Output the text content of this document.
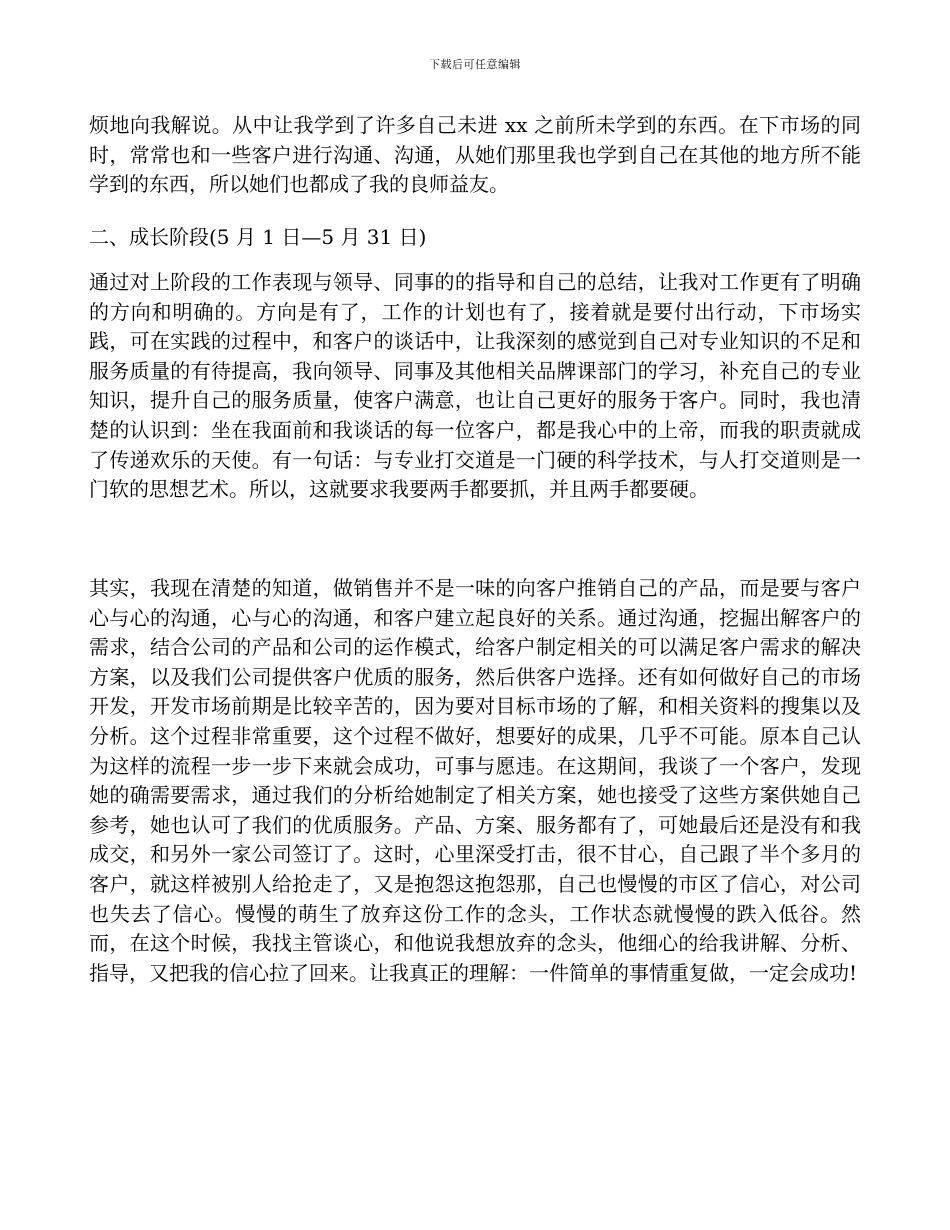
下载后可任意编辑

烦地向我解说。从中让我学到了许多自己未进 xx 之前所未学到的东西。在下市场的同时，常常也和一些客户进行沟通、沟通，从她们那里我也学到自己在其他的地方所不能学到的东西，所以她们也都成了我的良师益友。

二、成长阶段(5 月 1 日—5 月 31 日)

通过对上阶段的工作表现与领导、同事的的指导和自己的总结，让我对工作更有了明确的方向和明确的。方向是有了，工作的计划也有了，接着就是要付出行动，下市场实践，可在实践的过程中，和客户的谈话中，让我深刻的感觉到自己对专业知识的不足和服务质量的有待提高，我向领导、同事及其他相关品牌课部门的学习，补充自己的专业知识，提升自己的服务质量，使客户满意，也让自己更好的服务于客户。同时，我也清楚的认识到：坐在我面前和我谈话的每一位客户，都是我心中的上帝，而我的职责就成了传递欢乐的天使。有一句话：与专业打交道是一门硬的科学技术，与人打交道则是一门软的思想艺术。所以，这就要求我要两手都要抓，并且两手都要硬。

其实，我现在清楚的知道，做销售并不是一味的向客户推销自己的产品，而是要与客户心与心的沟通，心与心的沟通，和客户建立起良好的关系。通过沟通，挖掘出解客户的需求，结合公司的产品和公司的运作模式，给客户制定相关的可以满足客户需求的解决方案，以及我们公司提供客户优质的服务，然后供客户选择。还有如何做好自己的市场开发，开发市场前期是比较辛苦的，因为要对目标市场的了解，和相关资料的搜集以及分析。这个过程非常重要，这个过程不做好，想要好的成果，几乎不可能。原本自己认为这样的流程一步一步下来就会成功，可事与愿违。在这期间，我谈了一个客户，发现她的确需要需求，通过我们的分析给她制定了相关方案，她也接受了这些方案供她自己参考，她也认可了我们的优质服务。产品、方案、服务都有了，可她最后还是没有和我成交，和另外一家公司签订了。这时，心里深受打击，很不甘心，自己跟了半个多月的客户，就这样被别人给抢走了，又是抱怨这抱怨那，自己也慢慢的市区了信心，对公司也失去了信心。慢慢的萌生了放弃这份工作的念头，工作状态就慢慢的跌入低谷。然而，在这个时候，我找主管谈心，和他说我想放弃的念头，他细心的给我讲解、分析、指导，又把我的信心拉了回来。让我真正的理解：一件简单的事情重复做，一定会成功!
